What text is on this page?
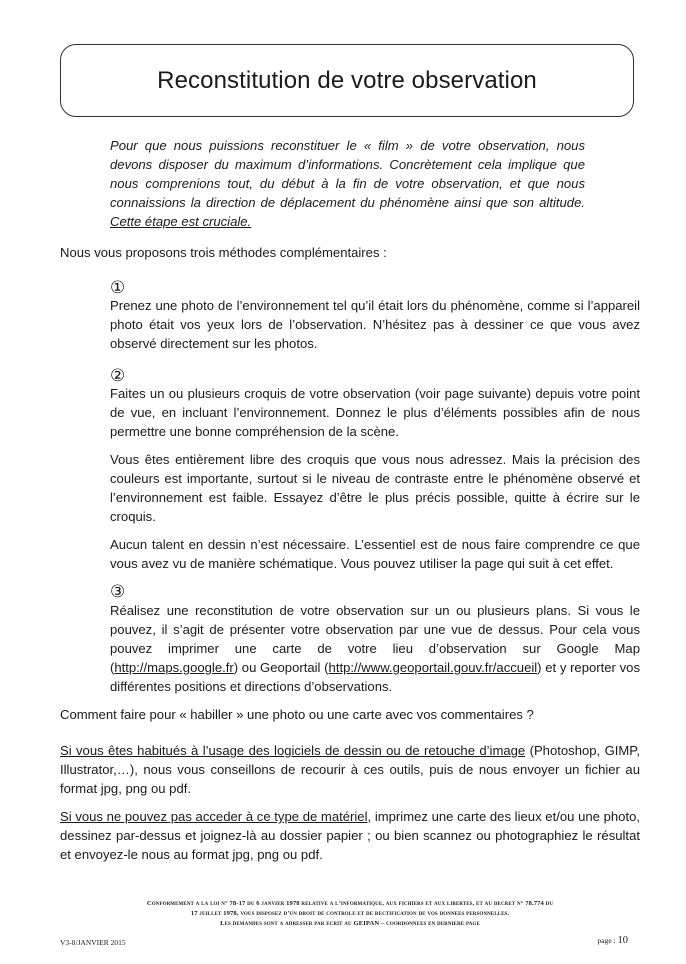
Reconstitution de votre observation
Pour que nous puissions reconstituer le « film » de votre observation, nous devons disposer du maximum d’informations. Concrètement cela implique que nous comprenions tout, du début à la fin de votre observation, et que nous connaissions la direction de déplacement du phénomène ainsi que son altitude. Cette étape est cruciale.

Nous vous proposons trois méthodes complémentaires :

①

Prenez une photo de l’environnement tel qu’il était lors du phénomène, comme si l’appareil photo était vos yeux lors de l’observation. N’hésitez pas à dessiner ce que vous avez observé directement sur les photos.

②

Faites un ou plusieurs croquis de votre observation (voir page suivante) depuis votre point de vue, en incluant l’environnement. Donnez le plus d’éléments possibles afin de nous permettre une bonne compréhension de la scène.

Vous êtes entièrement libre des croquis que vous nous adressez. Mais la précision des couleurs est importante, surtout si le niveau de contraste entre le phénomène observé et l’environnement est faible. Essayez d’être le plus précis possible, quitte à écrire sur le croquis.

Aucun talent en dessin n’est nécessaire. L’essentiel est de nous faire comprendre ce que vous avez vu de manière schématique. Vous pouvez utiliser la page qui suit à cet effet.

③

Réalisez une reconstitution de votre observation sur un ou plusieurs plans. Si vous le pouvez, il s’agit de présenter votre observation par une vue de dessus. Pour cela vous pouvez imprimer une carte de votre lieu d’observation sur Google Map (http://maps.google.fr) ou Geoportail (http://www.geoportail.gouv.fr/accueil) et y reporter vos différentes positions et directions d’observations.

Comment faire pour « habiller » une photo ou une carte avec vos commentaires ?

Si vous êtes habitués à l’usage des logiciels de dessin ou de retouche d’image (Photoshop, GIMP, Illustrator,…), nous vous conseillons de recourir à ces outils, puis de nous envoyer un fichier au format jpg, png ou pdf.

Si vous ne pouvez pas acceder à ce type de matériel, imprimez une carte des lieux et/ou une photo, dessinez par-dessus et joignez-là au dossier papier ; ou bien scannez ou photographiez le résultat et envoyez-le nous au format jpg, png ou pdf.

Conformement a la loi n° 78-17 du 6 janvier 1978 relative a l’informatique, aux fichiers et aux libertes, et au decret n° 78.774 du
17 juillet 1978, vous disposez d’un droit de controle et de rectification de vos donnees personnelles.
Les demandes sont a adresser par ecrit au GEIPAN – coordonnees en derniere page
V3-8/JANVIER 2015	page : 10
